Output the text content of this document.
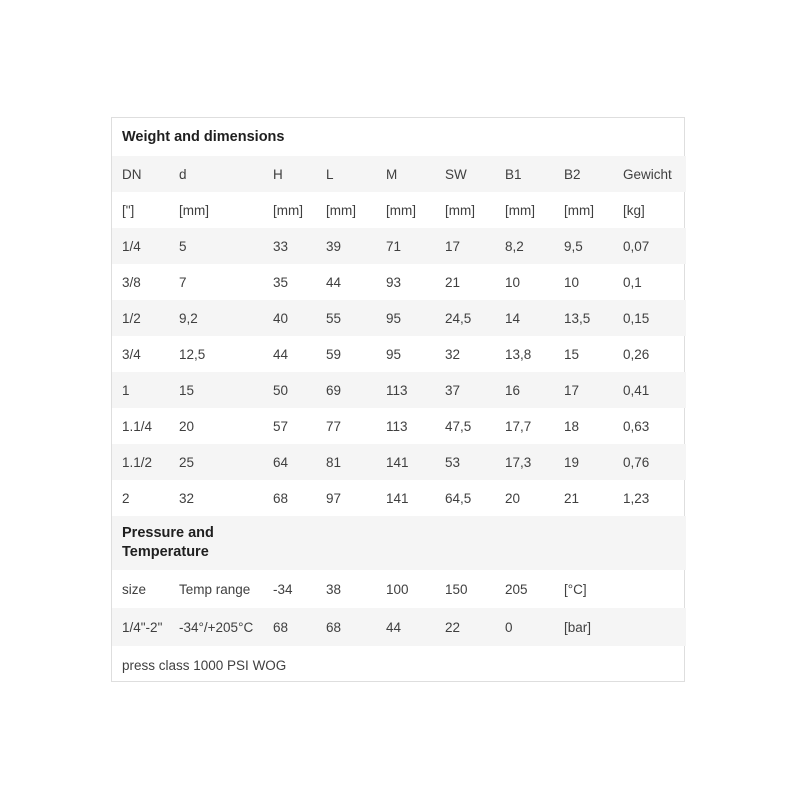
Weight and dimensions								
DN	d	H	L	M	SW	B1	B2	Gewicht
["]	[mm]	[mm]	[mm]	[mm]	[mm]	[mm]	[mm]	[kg]
1/4	5	33	39	71	17	8,2	9,5	0,07
3/8	7	35	44	93	21	10	10	0,1
1/2	9,2	40	55	95	24,5	14	13,5	0,15
3/4	12,5	44	59	95	32	13,8	15	0,26
1	15	50	69	113	37	16	17	0,41
1.1/4	20	57	77	113	47,5	17,7	18	0,63
1.1/2	25	64	81	141	53	17,3	19	0,76
2	32	68	97	141	64,5	20	21	1,23
Pressure and Temperature								
size	Temp range	-34	38	100	150	205	[°C]	
1/4"-2"	-34°/+205°C	68	68	44	22	0	[bar]	
press class 1000 PSI WOG								
